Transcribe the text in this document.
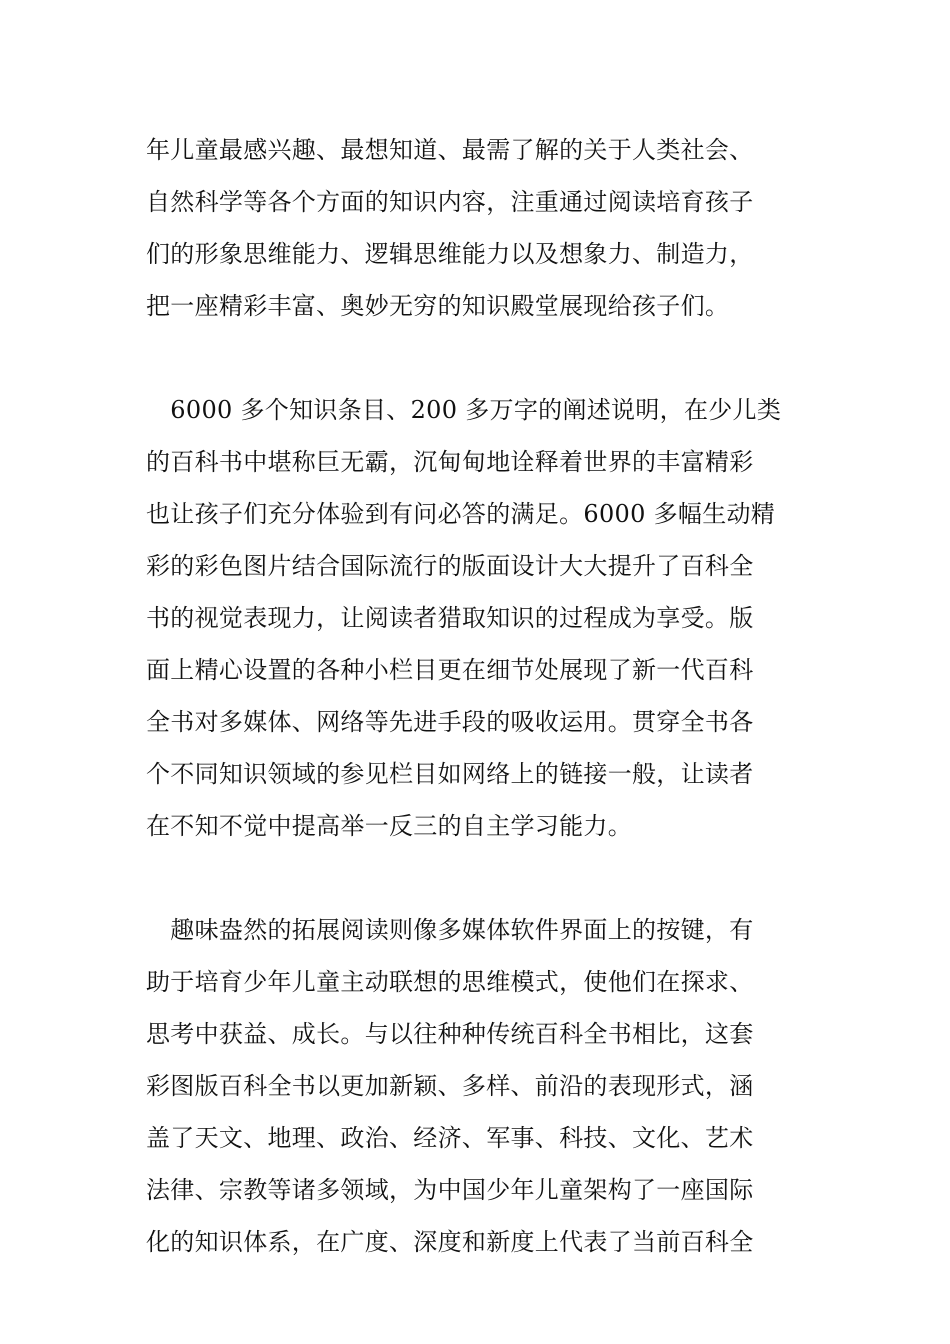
年儿童最感兴趣、最想知道、最需了解的关于人类社会、
自然科学等各个方面的知识内容，注重通过阅读培育孩子
们的形象思维能力、逻辑思维能力以及想象力、制造力，
把一座精彩丰富、奥妙无穷的知识殿堂展现给孩子们。
　6000 多个知识条目、200 多万字的阐述说明，在少儿类
的百科书中堪称巨无霸，沉甸甸地诠释着世界的丰富精彩
也让孩子们充分体验到有问必答的满足。6000 多幅生动精
彩的彩色图片结合国际流行的版面设计大大提升了百科全
书的视觉表现力，让阅读者猎取知识的过程成为享受。版
面上精心设置的各种小栏目更在细节处展现了新一代百科
全书对多媒体、网络等先进手段的吸收运用。贯穿全书各
个不同知识领域的参见栏目如网络上的链接一般，让读者
在不知不觉中提高举一反三的自主学习能力。
　趣味盎然的拓展阅读则像多媒体软件界面上的按键，有
助于培育少年儿童主动联想的思维模式，使他们在探求、
思考中获益、成长。与以往种种传统百科全书相比，这套
彩图版百科全书以更加新颖、多样、前沿的表现形式，涵
盖了天文、地理、政治、经济、军事、科技、文化、艺术
法律、宗教等诸多领域，为中国少年儿童架构了一座国际
化的知识体系，在广度、深度和新度上代表了当前百科全
